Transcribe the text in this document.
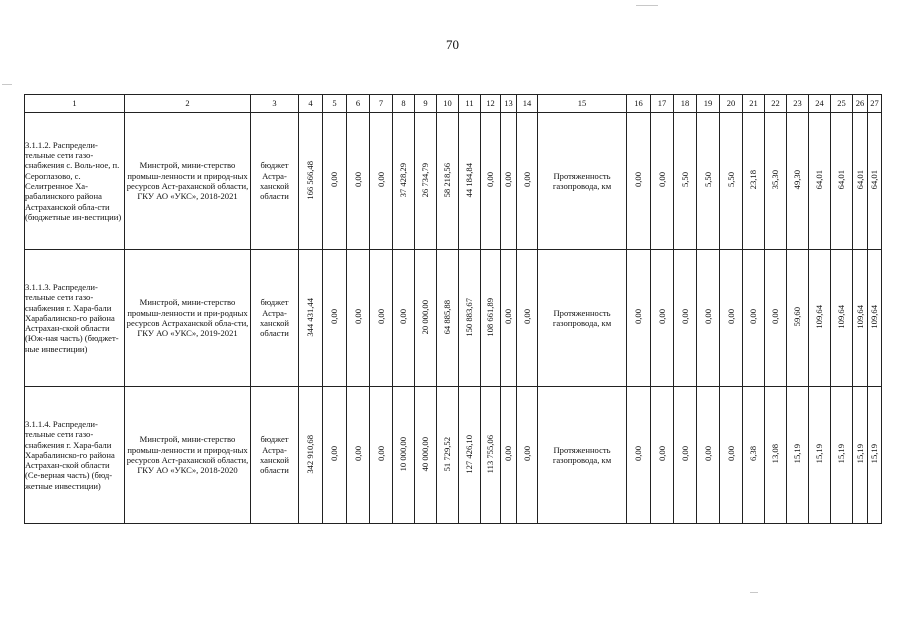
70
1	2	3	4	5	6	7	8	9	10	11	12	13	14	15	16	17	18	19	20	21	22	23	24	25	26	27
3.1.1.2. Распредели-тельные сети газо-снабжения с. Воль-ное, п. Сероглазово, с. Селитренное Ха-рабалинского района Астраханской обла-сти (бюджетные ин-вестиции)	Минстрой, мини-стерство промыш-ленности и природ-ных ресурсов Аст-раханской области, ГКУ АО «УКС», 2018-2021	бюджет Астра-ханской области	166 566,48	0,00	0,00	0,00	37 428,29	26 734,79	58 218,56	44 184,84	0,00	0,00	0,00	Протяженность газопровода, км	0,00	0,00	5,50	5,50	5,50	23,18	35,30	49,30	64,01	64,01	64,01	64,01
3.1.1.3. Распредели-тельные сети газо-снабжения г. Хара-бали Харабалинско-го района Астрахан-ской области (Юж-ная часть) (бюджет-ные инвестиции)	Минстрой, мини-стерство промыш-ленности и при-родных ресурсов Астраханской обла-сти, ГКУ АО «УКС», 2019-2021	бюджет Астра-ханской области	344 431,44	0,00	0,00	0,00	0,00	20 000,00	64 885,88	150 883,67	108 661,89	0,00	0,00	Протяженность газопровода, км	0,00	0,00	0,00	0,00	0,00	0,00	0,00	59,60	109,64	109,64	109,64	109,64
3.1.1.4. Распредели-тельные сети газо-снабжения г. Хара-бали Харабалинско-го района Астрахан-ской области (Се-верная часть) (бюд-жетные инвестиции)	Минстрой, мини-стерство промыш-ленности и природ-ных ресурсов Аст-раханской области, ГКУ АО «УКС», 2018-2020	бюджет Астра-ханской области	342 910,68	0,00	0,00	0,00	10 000,00	40 000,00	51 729,52	127 426,10	113 755,06	0,00	0,00	Протяженность газопровода, км	0,00	0,00	0,00	0,00	0,00	6,38	13,08	15,19	15,19	15,19	15,19	15,19
